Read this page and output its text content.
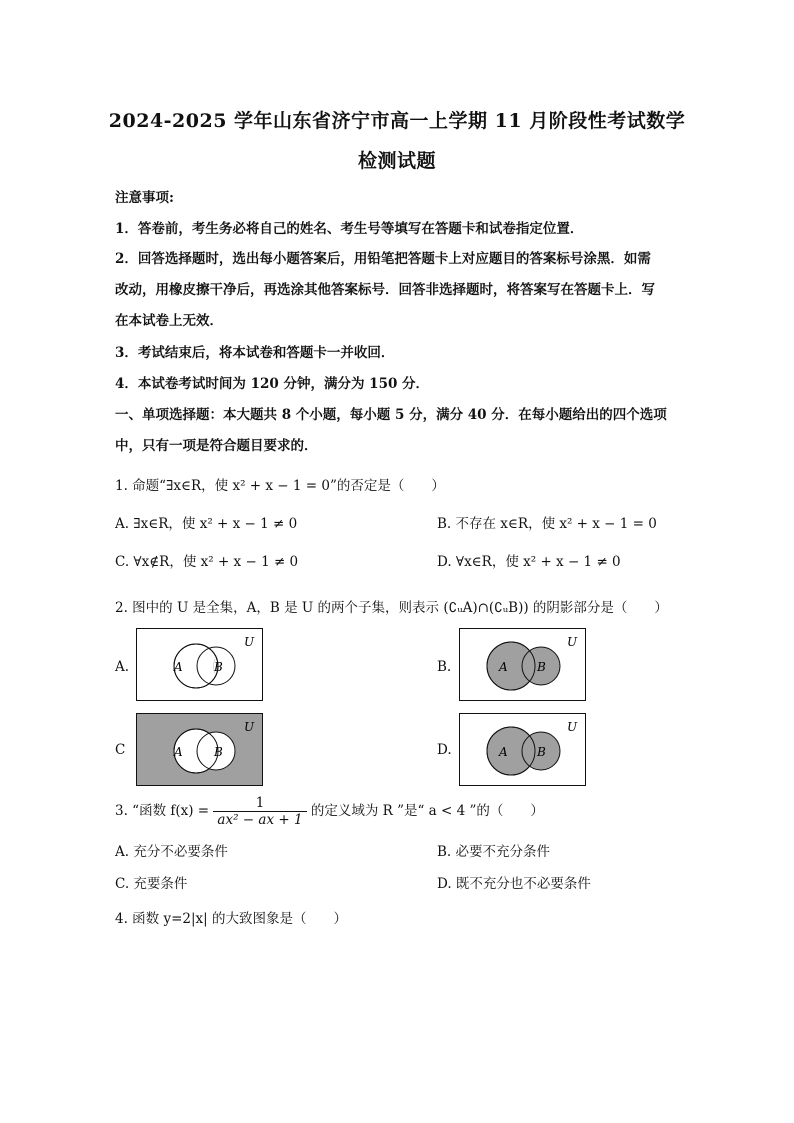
2024-2025 学年山东省济宁市高一上学期 11 月阶段性考试数学
检测试题
注意事项:
1．答卷前，考生务必将自己的姓名、考生号等填写在答题卡和试卷指定位置．
2．回答选择题时，选出每小题答案后，用铅笔把答题卡上对应题目的答案标号涂黑．如需
改动，用橡皮擦干净后，再选涂其他答案标号．回答非选择题时，将答案写在答题卡上．写
在本试卷上无效．
3．考试结束后，将本试卷和答题卡一并收回．
4．本试卷考试时间为 120 分钟，满分为 150 分．
一、单项选择题：本大题共 8 个小题，每小题 5 分，满分 40 分．在每小题给出的四个选项
中，只有一项是符合题目要求的．
1. 命题“∃x∈R，使 x² + x − 1 = 0”的否定是（　　）
A. ∃x∈R，使 x² + x − 1 ≠ 0	B. 不存在 x∈R，使 x² + x − 1 = 0
C. ∀x∉R，使 x² + x − 1 ≠ 0	D. ∀x∈R，使 x² + x − 1 ≠ 0
2. 图中的 U 是全集，A，B 是 U 的两个子集，则表示 (∁ᵤA)∩(∁ᵤB)) 的阴影部分是（　　）
A.	A	B
U
B.	A B
U
C	A	B
U
D.	A B
U
3. “函数 $f(x) = \frac{1}{\text{ax² − ax + 1}}$ 的定义域为 R ”是“ a < 4 ”的（　　）
A. 充分不必要条件	B. 必要不充分条件
C. 充要条件	D. 既不充分也不必要条件
4. 函数 y=2|x| 的大致图象是（　　）
